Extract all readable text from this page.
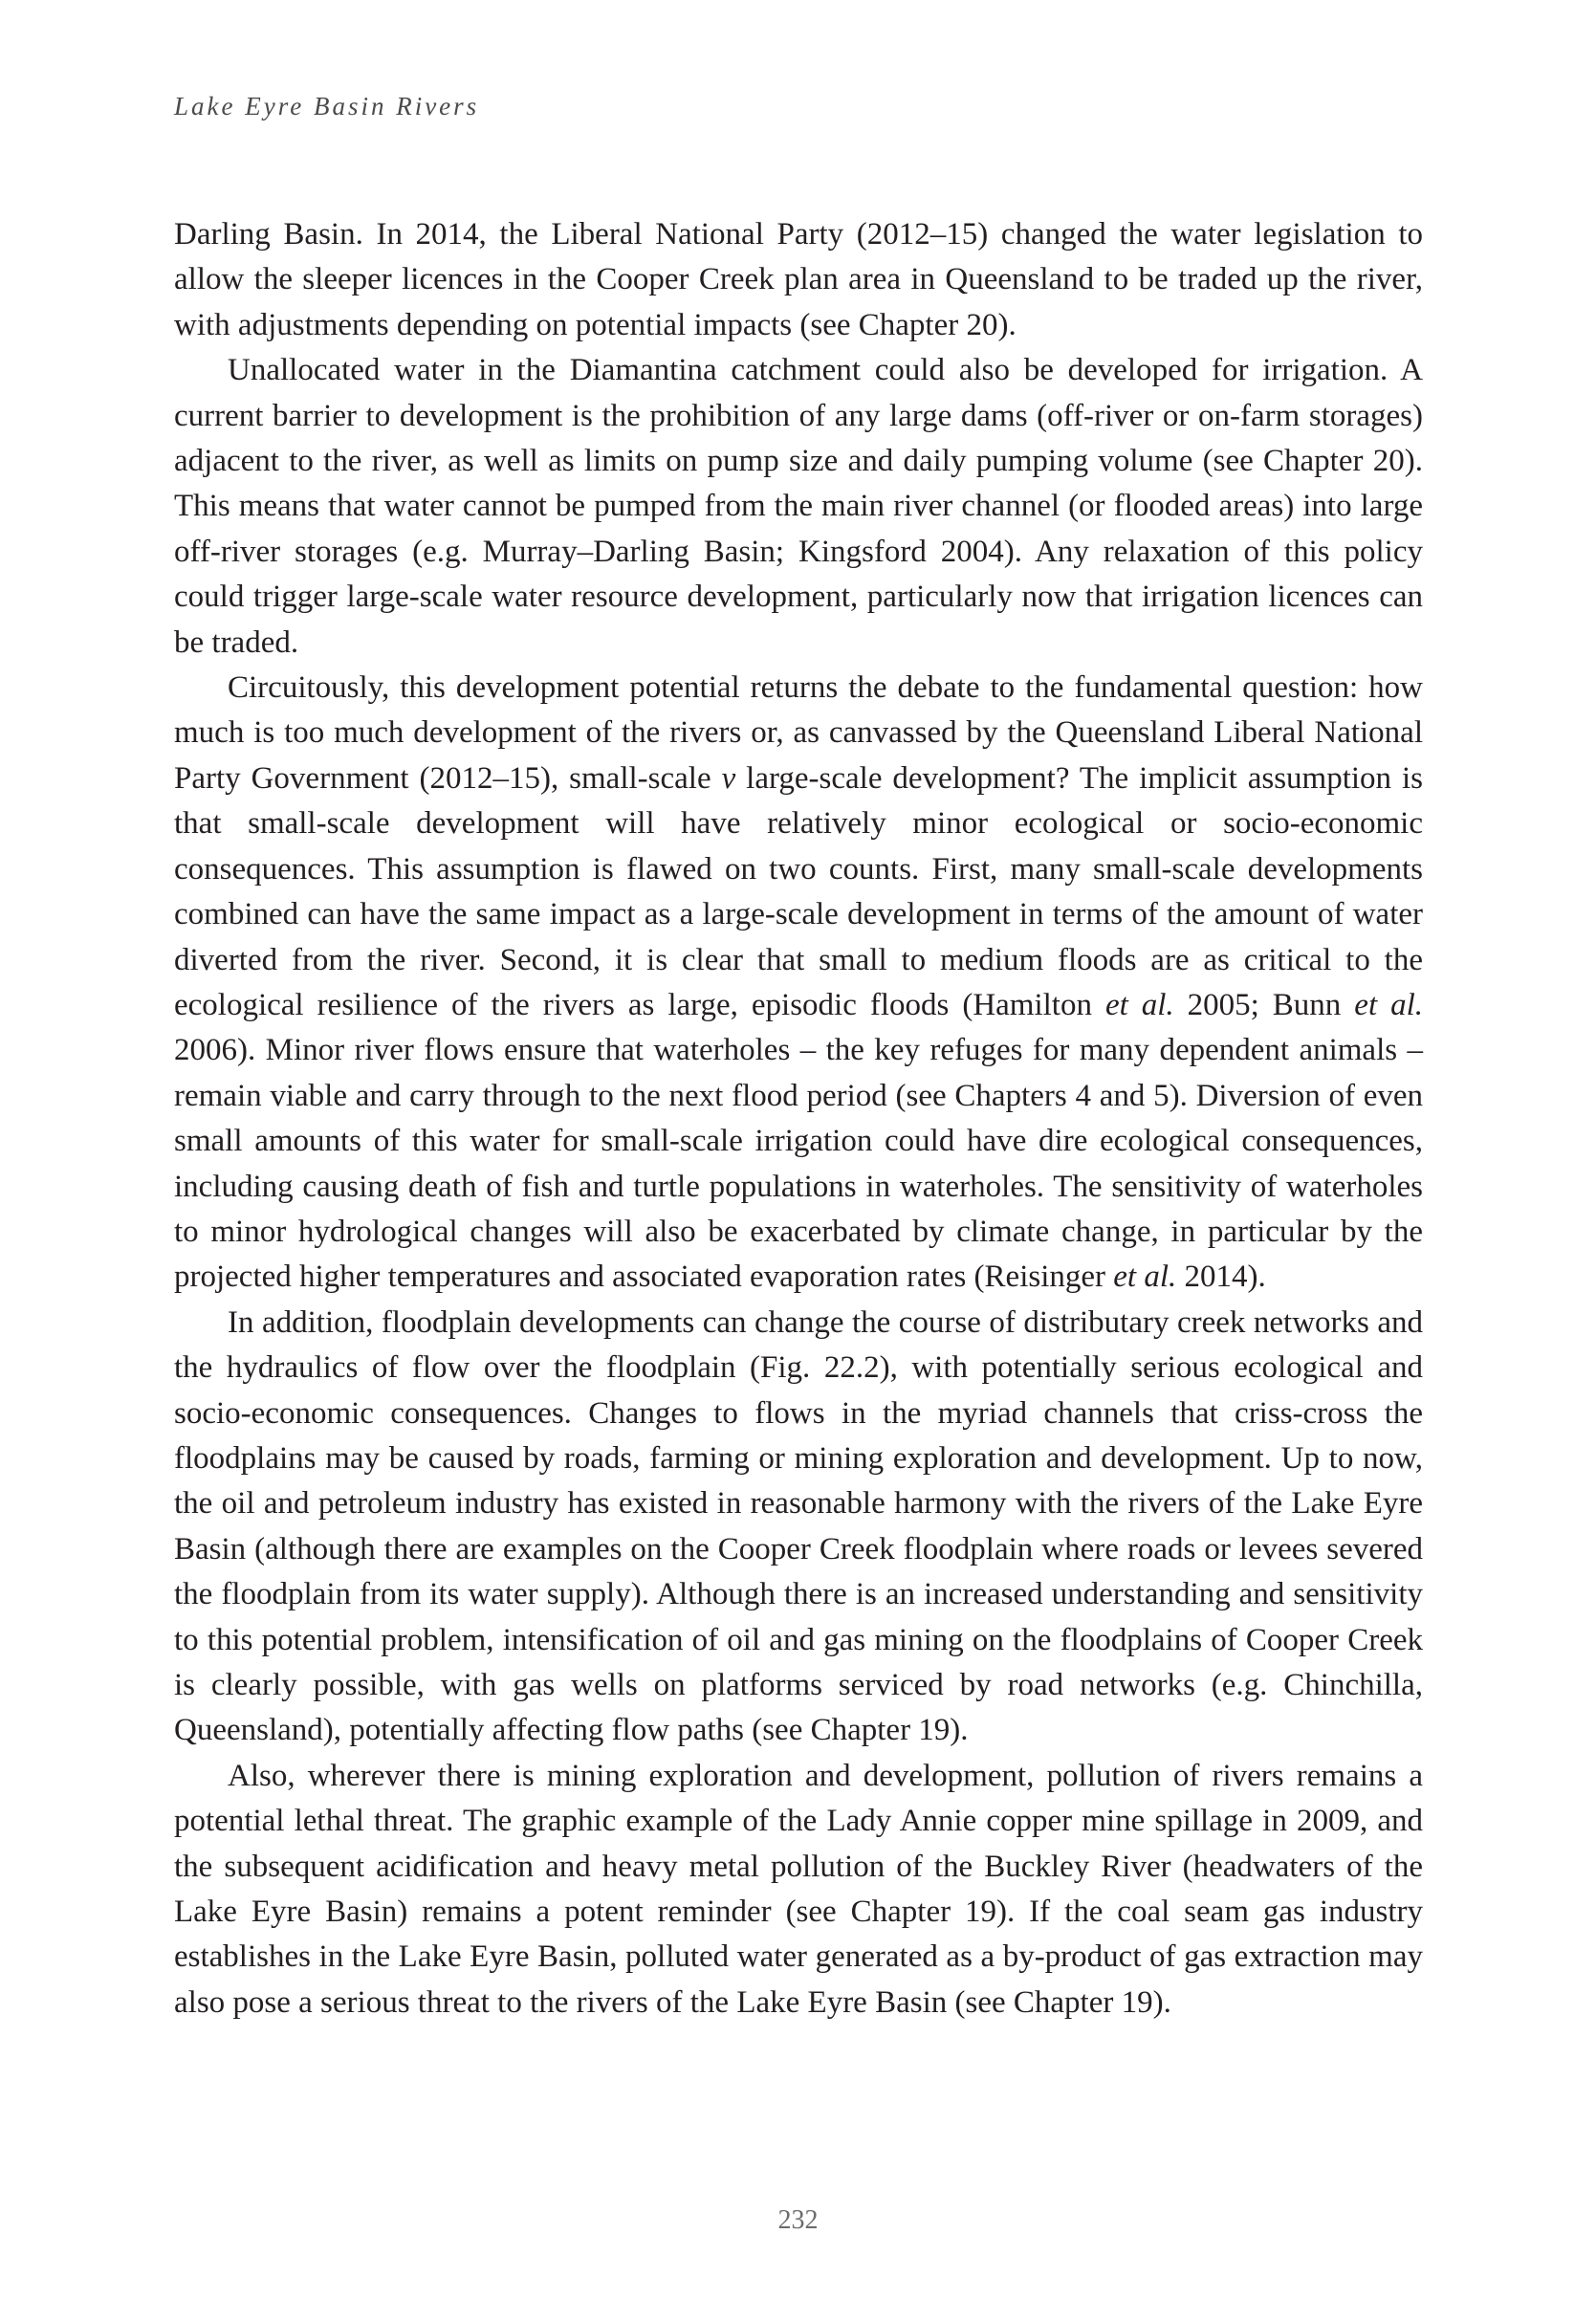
Lake Eyre Basin Rivers

Darling Basin. In 2014, the Liberal National Party (2012–15) changed the water legislation to allow the sleeper licences in the Cooper Creek plan area in Queensland to be traded up the river, with adjustments depending on potential impacts (see Chapter 20).

Unallocated water in the Diamantina catchment could also be developed for irrigation. A current barrier to development is the prohibition of any large dams (off-river or on-farm storages) adjacent to the river, as well as limits on pump size and daily pumping volume (see Chapter 20). This means that water cannot be pumped from the main river channel (or flooded areas) into large off-river storages (e.g. Murray–Darling Basin; Kingsford 2004). Any relaxation of this policy could trigger large-scale water resource development, particularly now that irrigation licences can be traded.

Circuitously, this development potential returns the debate to the fundamental question: how much is too much development of the rivers or, as canvassed by the Queensland Liberal National Party Government (2012–15), small-scale v large-scale development? The implicit assumption is that small-scale development will have relatively minor ecological or socio-economic consequences. This assumption is flawed on two counts. First, many small-scale developments combined can have the same impact as a large-scale development in terms of the amount of water diverted from the river. Second, it is clear that small to medium floods are as critical to the ecological resilience of the rivers as large, episodic floods (Hamilton et al. 2005; Bunn et al. 2006). Minor river flows ensure that waterholes – the key refuges for many dependent animals – remain viable and carry through to the next flood period (see Chapters 4 and 5). Diversion of even small amounts of this water for small-scale irrigation could have dire ecological consequences, including causing death of fish and turtle populations in waterholes. The sensitivity of waterholes to minor hydrological changes will also be exacerbated by climate change, in particular by the projected higher temperatures and associated evaporation rates (Reisinger et al. 2014).

In addition, floodplain developments can change the course of distributary creek networks and the hydraulics of flow over the floodplain (Fig. 22.2), with potentially serious ecological and socio-economic consequences. Changes to flows in the myriad channels that criss-cross the floodplains may be caused by roads, farming or mining exploration and development. Up to now, the oil and petroleum industry has existed in reasonable harmony with the rivers of the Lake Eyre Basin (although there are examples on the Cooper Creek floodplain where roads or levees severed the floodplain from its water supply). Although there is an increased understanding and sensitivity to this potential problem, intensification of oil and gas mining on the floodplains of Cooper Creek is clearly possible, with gas wells on platforms serviced by road networks (e.g. Chinchilla, Queensland), potentially affecting flow paths (see Chapter 19).

Also, wherever there is mining exploration and development, pollution of rivers remains a potential lethal threat. The graphic example of the Lady Annie copper mine spillage in 2009, and the subsequent acidification and heavy metal pollution of the Buckley River (headwaters of the Lake Eyre Basin) remains a potent reminder (see Chapter 19). If the coal seam gas industry establishes in the Lake Eyre Basin, polluted water generated as a by-product of gas extraction may also pose a serious threat to the rivers of the Lake Eyre Basin (see Chapter 19).

232
